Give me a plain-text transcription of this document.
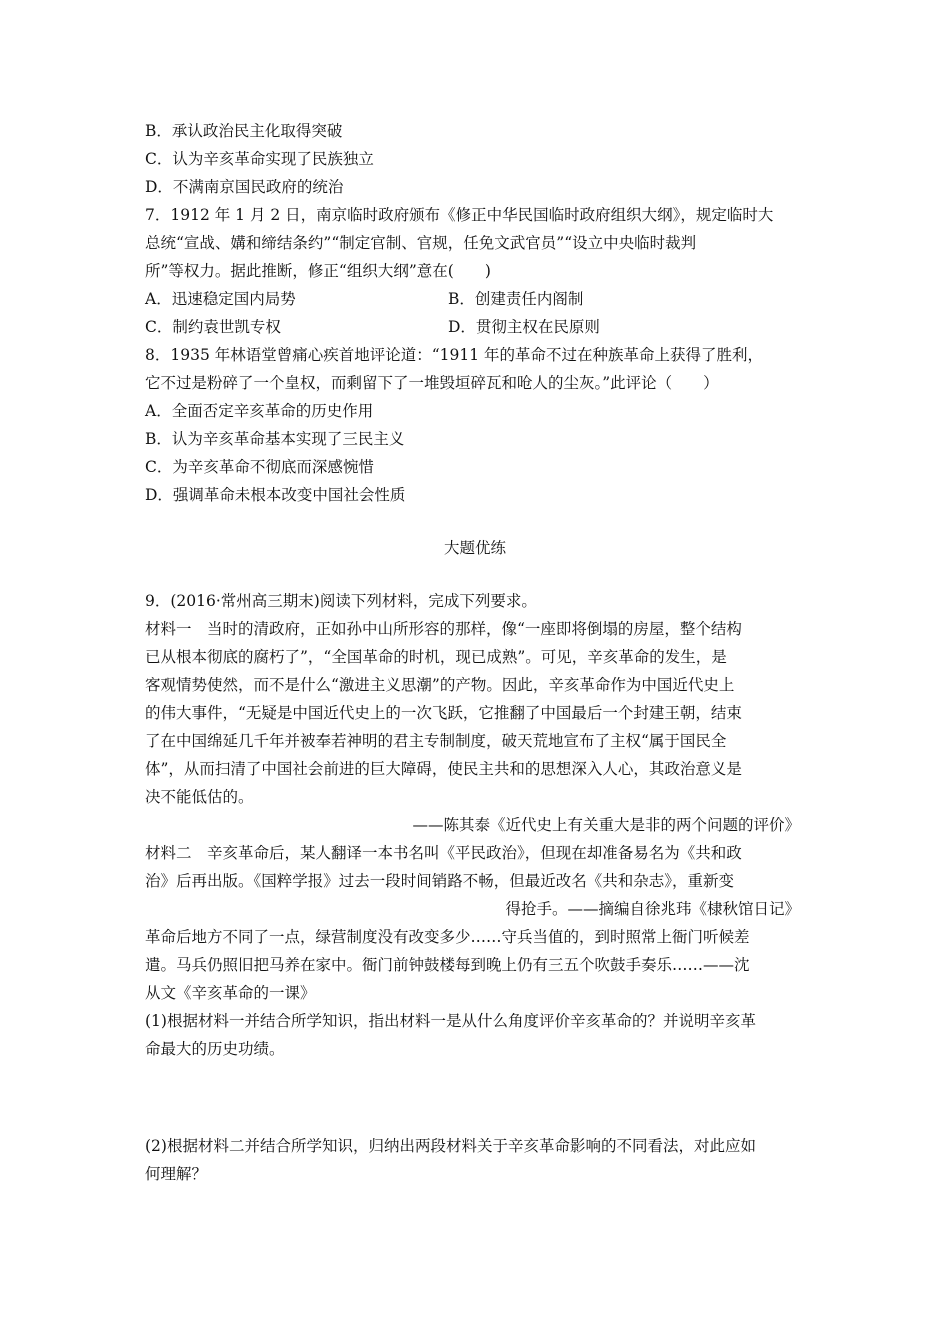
B．承认政治民主化取得突破
C．认为辛亥革命实现了民族独立
D．不满南京国民政府的统治
7．1912 年 1 月 2 日，南京临时政府颁布《修正中华民国临时政府组织大纲》，规定临时大
总统“宣战、媾和缔结条约”“制定官制、官规，任免文武官员”“设立中央临时裁判
所”等权力。据此推断，修正“组织大纲”意在(　　)
A．迅速稳定国内局势	B．创建责任内阁制
C．制约袁世凯专权	D．贯彻主权在民原则
8．1935 年林语堂曾痛心疾首地评论道：“1911 年的革命不过在种族革命上获得了胜利，
它不过是粉碎了一个皇权，而剩留下了一堆毁垣碎瓦和呛人的尘灰。”此评论（　　）
A．全面否定辛亥革命的历史作用
B．认为辛亥革命基本实现了三民主义
C．为辛亥革命不彻底而深感惋惜
D．强调革命未根本改变中国社会性质
大题优练
9．(2016·常州高三期末)阅读下列材料，完成下列要求。
材料一　当时的清政府，正如孙中山所形容的那样，像“一座即将倒塌的房屋，整个结构
已从根本彻底的腐朽了”，“全国革命的时机，现已成熟”。可见，辛亥革命的发生，是
客观情势使然，而不是什么“激进主义思潮”的产物。因此，辛亥革命作为中国近代史上
的伟大事件，“无疑是中国近代史上的一次飞跃，它推翻了中国最后一个封建王朝，结束
了在中国绵延几千年并被奉若神明的君主专制制度，破天荒地宣布了主权“属于国民全
体”，从而扫清了中国社会前进的巨大障碍，使民主共和的思想深入人心，其政治意义是
决不能低估的。
——陈其泰《近代史上有关重大是非的两个问题的评价》
材料二　辛亥革命后，某人翻译一本书名叫《平民政治》，但现在却准备易名为《共和政
治》后再出版。《国粹学报》过去一段时间销路不畅，但最近改名《共和杂志》，重新变
得抢手。——摘编自徐兆玮《棣秋馆日记》
革命后地方不同了一点，绿营制度没有改变多少……守兵当值的，到时照常上衙门听候差
遣。马兵仍照旧把马养在家中。衙门前钟鼓楼每到晚上仍有三五个吹鼓手奏乐……——沈
从文《辛亥革命的一课》
(1)根据材料一并结合所学知识，指出材料一是从什么角度评价辛亥革命的？并说明辛亥革
命最大的历史功绩。
(2)根据材料二并结合所学知识，归纳出两段材料关于辛亥革命影响的不同看法，对此应如
何理解？
